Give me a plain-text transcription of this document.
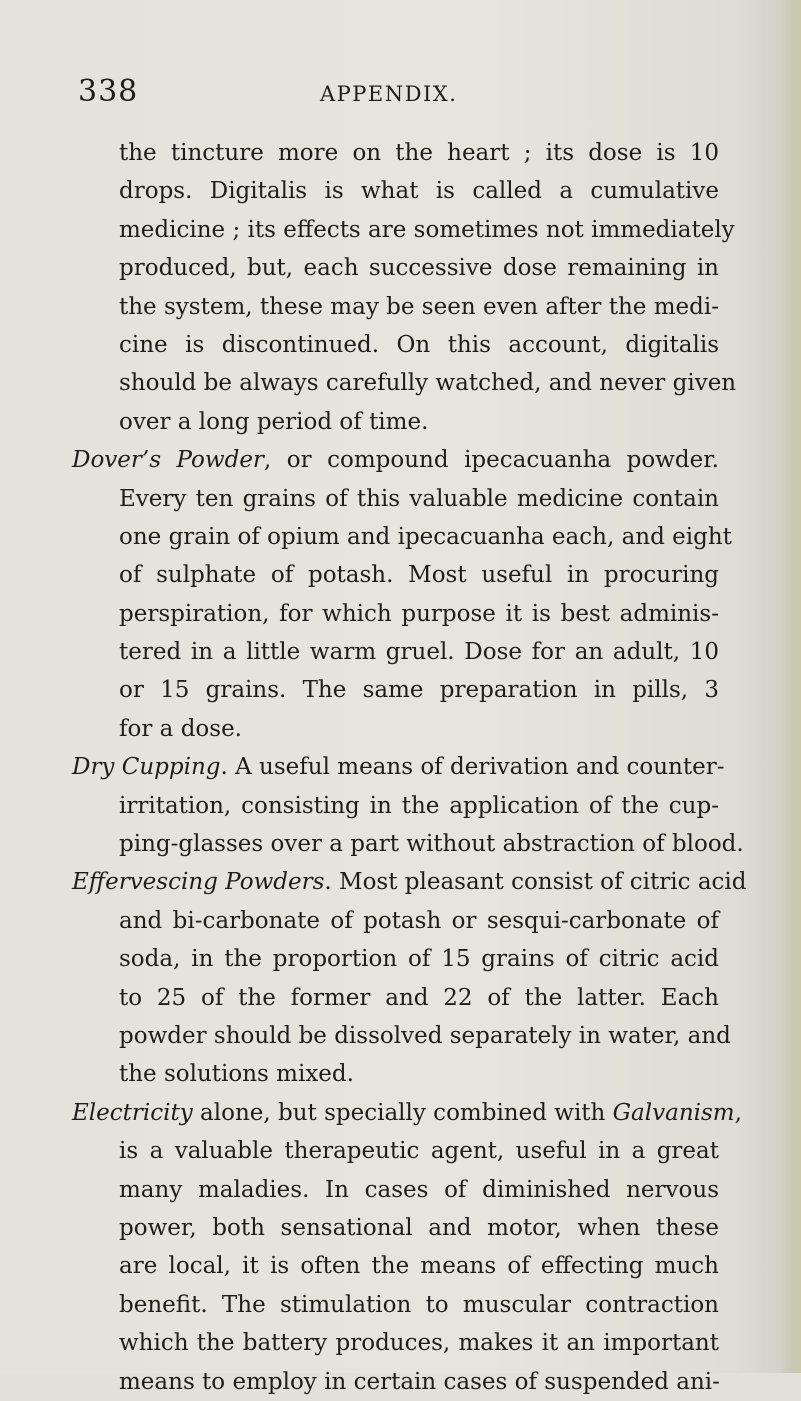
338	APPENDIX.
the tincture more on the heart ; its dose is 10
drops. Digitalis is what is called a cumulative
medicine ; its effects are sometimes not immediately
produced, but, each successive dose remaining in
the system, these may be seen even after the medi-
cine is discontinued. On this account, digitalis
should be always carefully watched, and never given
over a long period of time.
Dover’s Powder, or compound ipecacuanha powder.
Every ten grains of this valuable medicine contain
one grain of opium and ipecacuanha each, and eight
of sulphate of potash. Most useful in procuring
perspiration, for which purpose it is best adminis-
tered in a little warm gruel. Dose for an adult, 10
or 15 grains. The same preparation in pills, 3
for a dose.
Dry Cupping. A useful means of derivation and counter-
irritation, consisting in the application of the cup-
ping-glasses over a part without abstraction of blood.
Effervescing Powders. Most pleasant consist of citric acid
and bi-carbonate of potash or sesqui-carbonate of
soda, in the proportion of 15 grains of citric acid
to 25 of the former and 22 of the latter. Each
powder should be dissolved separately in water, and
the solutions mixed.
Electricity alone, but specially combined with Galvanism,
is a valuable therapeutic agent, useful in a great
many maladies. In cases of diminished nervous
power, both sensational and motor, when these
are local, it is often the means of effecting much
benefit. The stimulation to muscular contraction
which the battery produces, makes it an important
means to employ in certain cases of suspended ani-
